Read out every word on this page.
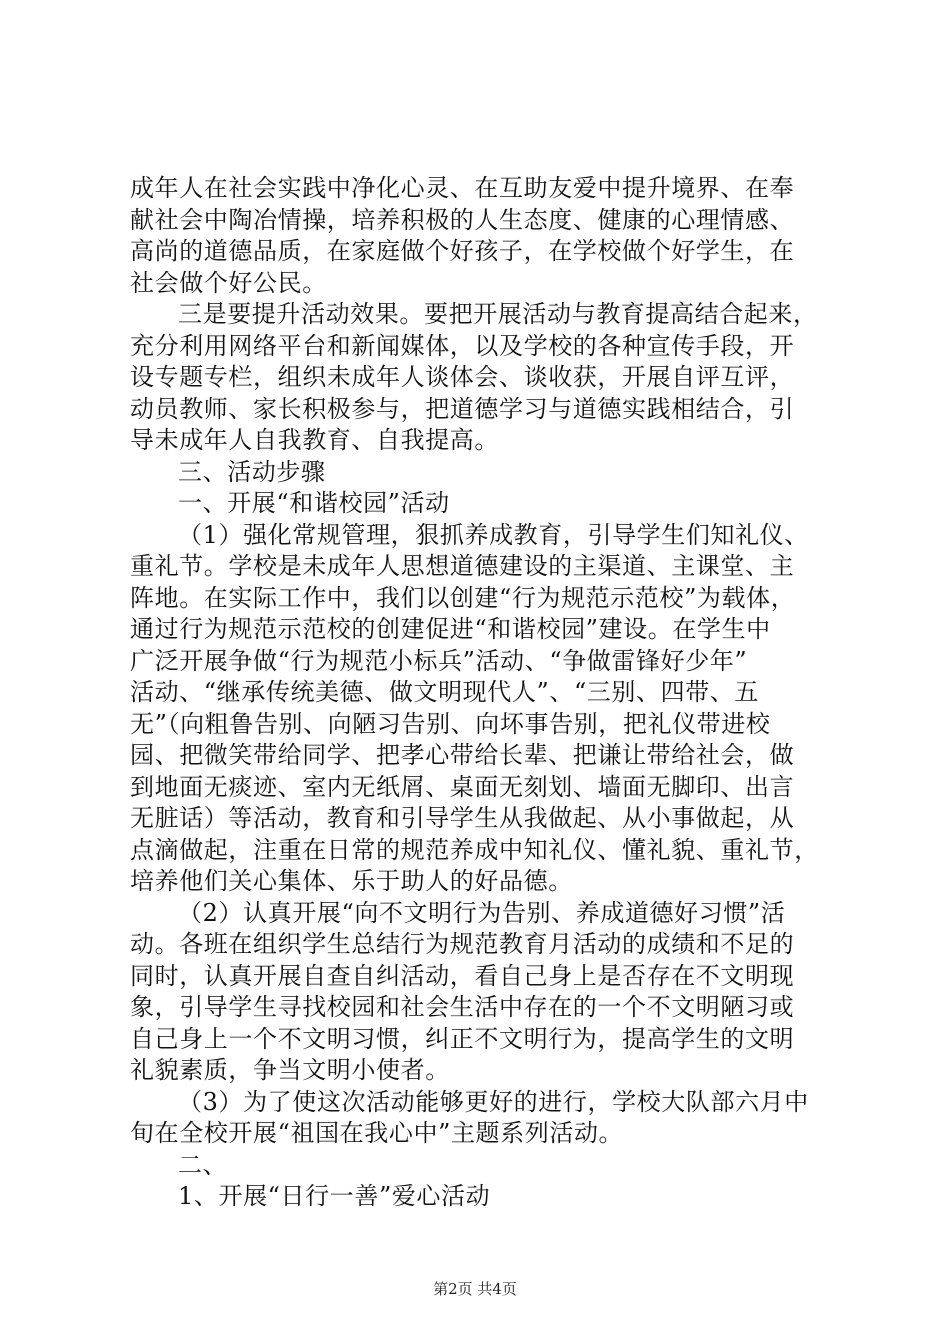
成年人在社会实践中净化心灵、在互助友爱中提升境界、在奉
献社会中陶冶情操，培养积极的人生态度、健康的心理情感、
高尚的道德品质，在家庭做个好孩子，在学校做个好学生，在
社会做个好公民。
三是要提升活动效果。要把开展活动与教育提高结合起来，
充分利用网络平台和新闻媒体，以及学校的各种宣传手段，开
设专题专栏，组织未成年人谈体会、谈收获，开展自评互评，
动员教师、家长积极参与，把道德学习与道德实践相结合，引
导未成年人自我教育、自我提高。
三、活动步骤
一、开展“和谐校园”活动
（1）强化常规管理，狠抓养成教育，引导学生们知礼仪、
重礼节。学校是未成年人思想道德建设的主渠道、主课堂、主
阵地。在实际工作中，我们以创建“行为规范示范校”为载体，
通过行为规范示范校的创建促进“和谐校园”建设。在学生中
广泛开展争做“行为规范小标兵”活动、“争做雷锋好少年”
活动、“继承传统美德、做文明现代人”、“三别、四带、五
无”（向粗鲁告别、向陋习告别、向坏事告别，把礼仪带进校
园、把微笑带给同学、把孝心带给长辈、把谦让带给社会，做
到地面无痰迹、室内无纸屑、桌面无刻划、墙面无脚印、出言
无脏话）等活动，教育和引导学生从我做起、从小事做起，从
点滴做起，注重在日常的规范养成中知礼仪、懂礼貌、重礼节，
培养他们关心集体、乐于助人的好品德。
（2）认真开展“向不文明行为告别、养成道德好习惯”活
动。各班在组织学生总结行为规范教育月活动的成绩和不足的
同时，认真开展自查自纠活动，看自己身上是否存在不文明现
象，引导学生寻找校园和社会生活中存在的一个不文明陋习或
自己身上一个不文明习惯，纠正不文明行为，提高学生的文明
礼貌素质，争当文明小使者。
（3）为了使这次活动能够更好的进行，学校大队部六月中
旬在全校开展“祖国在我心中”主题系列活动。
二、
1、开展“日行一善”爱心活动
第2页 共4页
